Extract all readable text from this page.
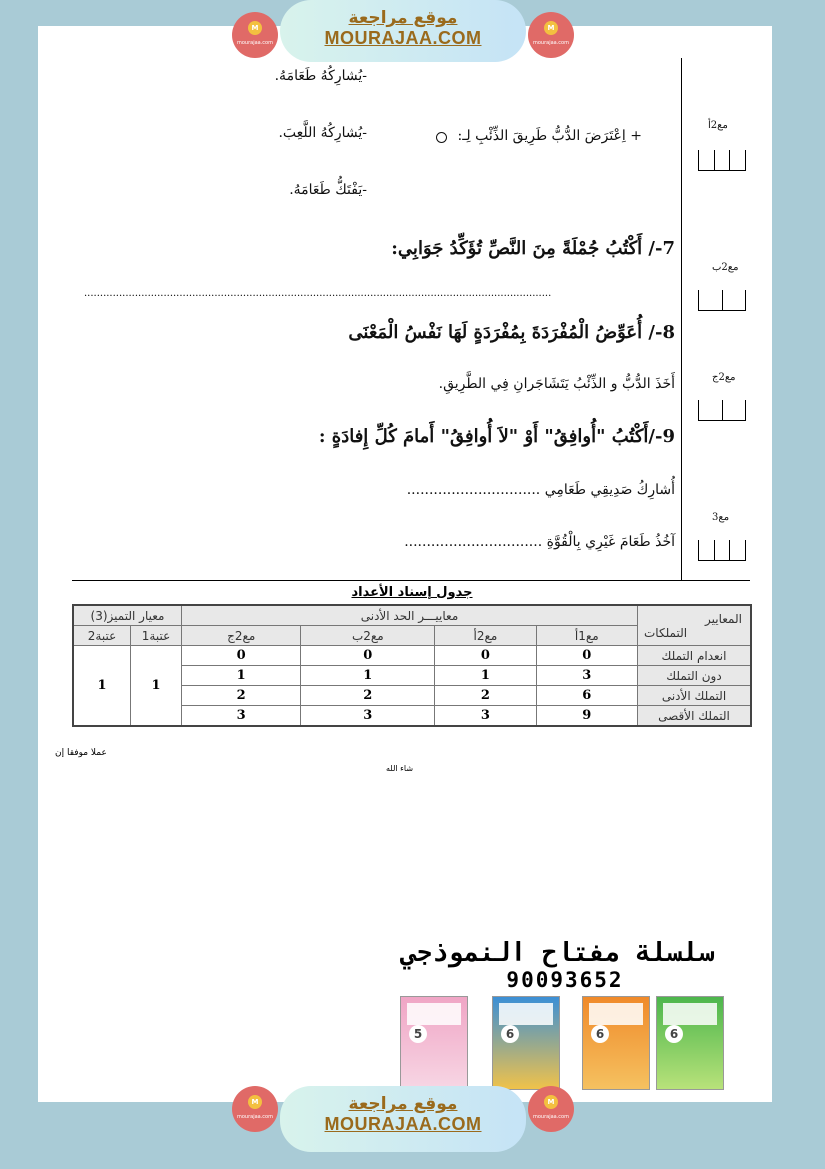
M
mourajaa.com
موقع مراجعة
MOURAJAA.COM	M
mourajaa.com
-يُشارِكُهُ طَعَامَهُ.
-يُشارِكُهُ اللَّعِبَ.
-يَفْتَكُّ طَعَامَهُ.
+ اِعْتَرَضَ الدُّبُّ طَرِيقَ الذِّئْبِ لِـ:
7-/ أَكْتُبُ جُمْلَةً مِنَ النَّصِّ تُؤَكِّدُ جَوَابِي:
...................................................................................................................................................
8-/ أُعَوِّضُ الْمُفْرَدَةَ بِمُفْرَدَةٍ لَهَا نَفْسُ الْمَعْنَى
أَخَذَ الدُّبُّ و الذِّئْبُ يَتَشَاجَرانِ فِي الطَّرِيقِ.
9-/أَكْتُبُ "أُوافِقُ" أَوْ "لاَ أُوافِقُ" أَمامَ كُلِّ إِفادَةٍ :
أُشارِكُ صَدِيقِي طَعَامِي ..............................
آخُذُ طَعَامَ غَيْرِي بِالْقُوَّةِ ...............................
مع2أ
مع2ب
مع2ج
مع3
جدول إسناد الأعداد
المعايير
التملكات	معاييـــر الحد الأدنى				معيار التميز(3)	
	مع1أ	مع2أ	مع2ب	مع2ج	عتبة1	عتبة2
انعدام التملك	0	0	0	0	1	1
دون التملك	3	1	1	1		
التملك الأدنى	6	2	2	2		
التملك الأقصى	9	3	3	3		
عملا موفقا إن
شاء الله
سلسلة مفتاح النموذجي
90093652
5	6	6	6
M
mourajaa.com
موقع مراجعة
MOURAJAA.COM
M
mourajaa.com
